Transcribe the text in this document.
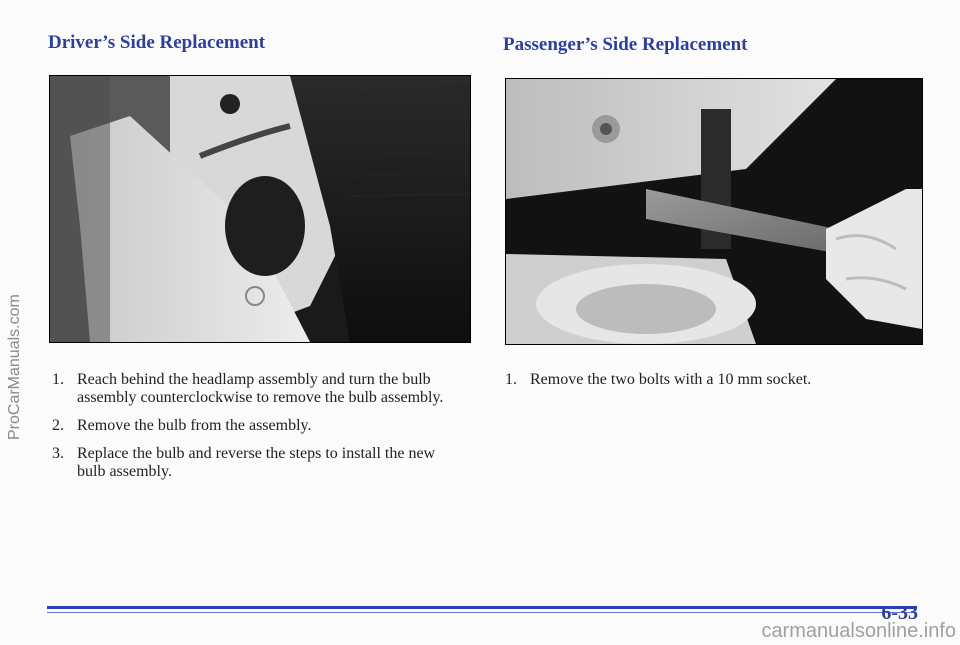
Driver’s Side Replacement	Passenger’s Side Replacement
1. Reach behind the headlamp assembly and turn the bulb assembly counterclockwise to remove the bulb assembly.
2. Remove the bulb from the assembly.
3. Replace the bulb and reverse the steps to install the new bulb assembly.
1. Remove the two bolts with a 10 mm socket.
6-33
ProCarManuals.com
carmanualsonline.info
